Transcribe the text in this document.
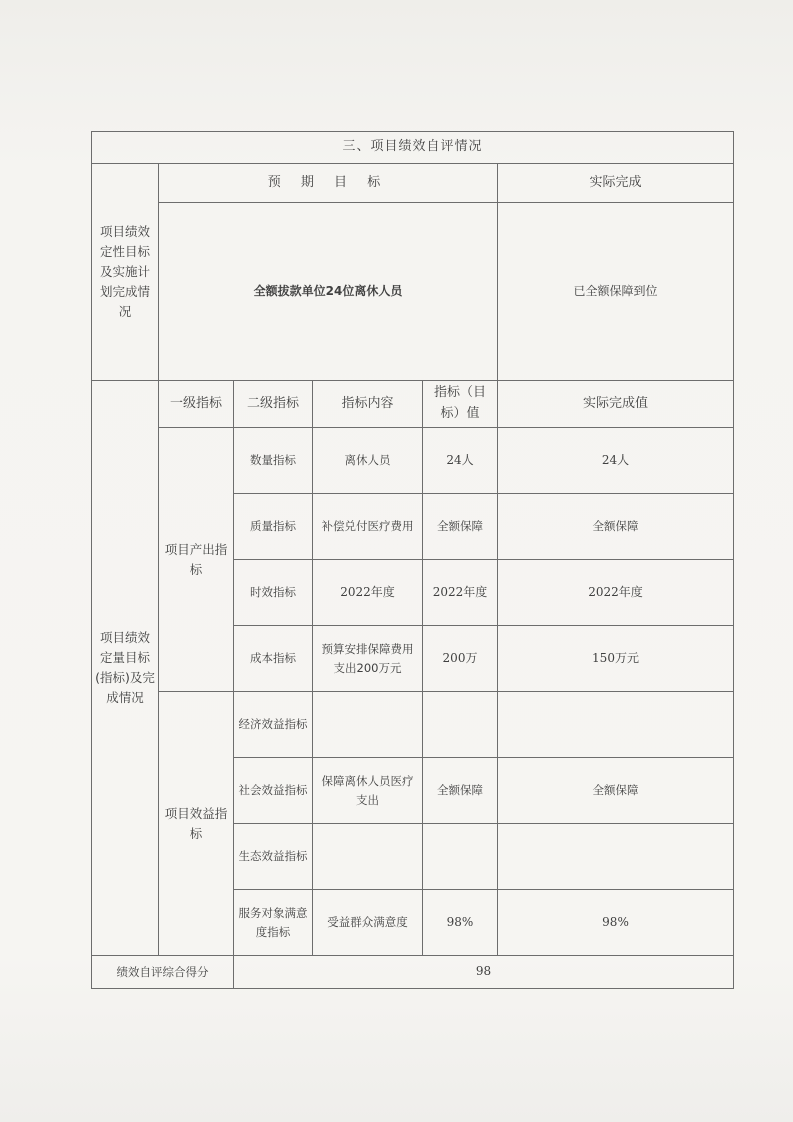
三、项目绩效自评情况					
项目绩效定性目标及实施计划完成情况	预 期 目 标				实际完成
	全额拔款单位24位离休人员				已全额保障到位
项目绩效定量目标(指标)及完成情况	一级指标	二级指标	指标内容	指标（目标）值	实际完成值
	项目产出指标	数量指标	离休人员	24人	24人
		质量指标	补偿兑付医疗费用	全额保障	全额保障
		时效指标	2022年度	2022年度	2022年度
		成本指标	预算安排保障费用支出200万元	200万	150万元
	项目效益指标	经济效益指标			
		社会效益指标	保障离休人员医疗支出	全额保障	全额保障
		生态效益指标			
		服务对象满意度指标	受益群众满意度	98%	98%
绩效自评综合得分		98			
